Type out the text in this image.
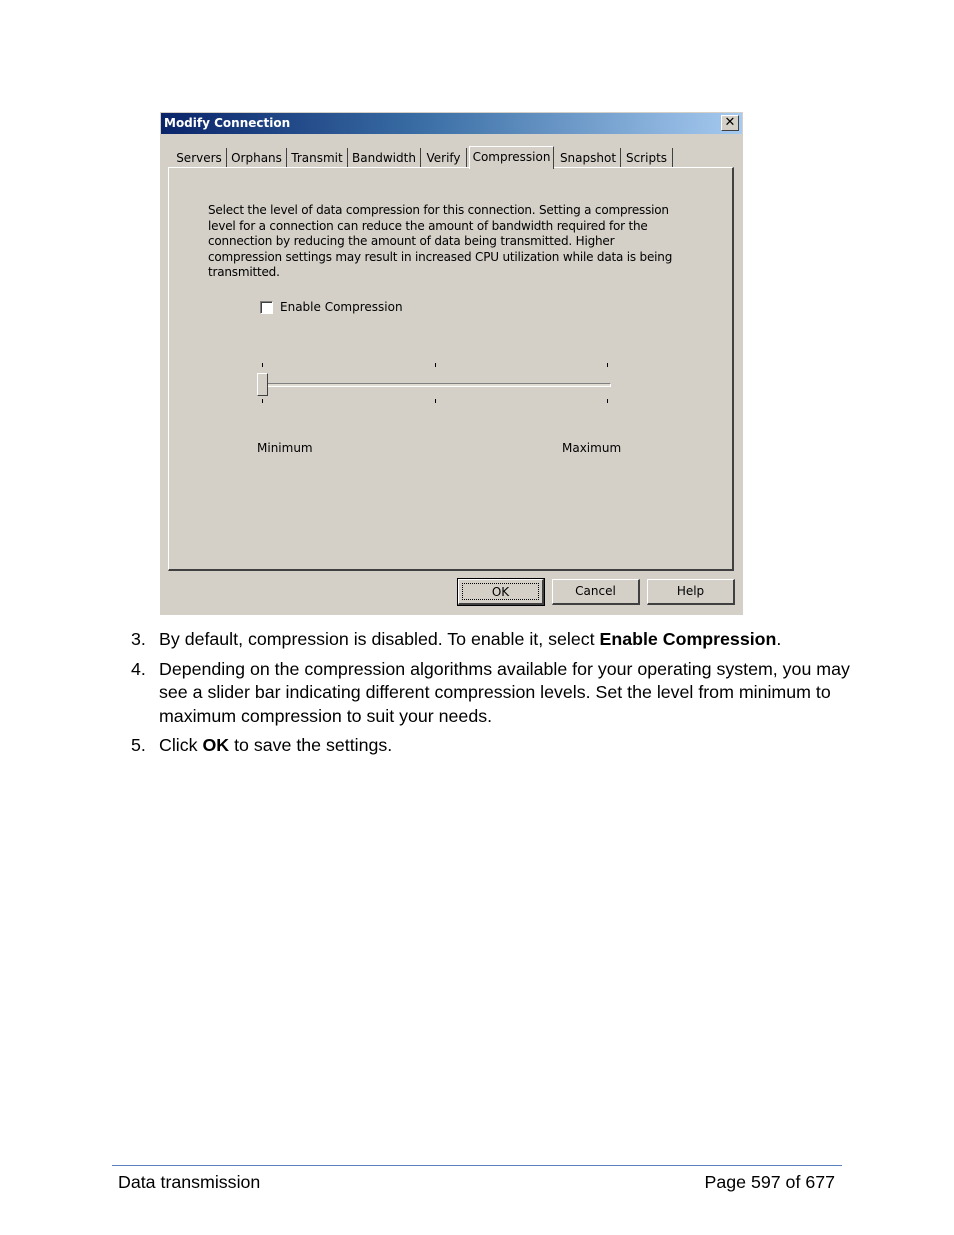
Modify Connection	✕
Servers Orphans Transmit Bandwidth Verify	Compression Snapshot Scripts
Select the level of data compression for this connection. Setting a compression level for a connection can reduce the amount of bandwidth required for the connection by reducing the amount of data being transmitted. Higher compression settings may result in increased CPU utilization while data is being transmitted.
Enable Compression
Minimum	Maximum
OK	Cancel	Help
3. By default, compression is disabled. To enable it, select Enable Compression.
4. Depending on the compression algorithms available for your operating system, you may see a slider bar indicating different compression levels. Set the level from minimum to maximum compression to suit your needs.
5. Click OK to save the settings.
Data transmission	Page 597 of 677
